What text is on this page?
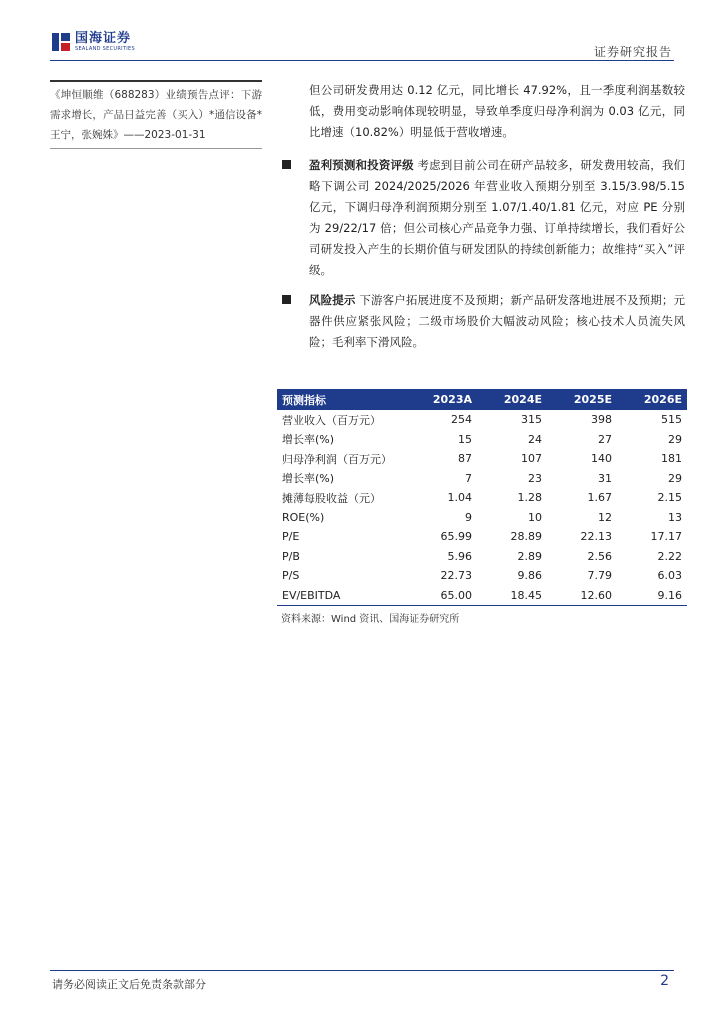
国海证券
SEALAND SECURITIES	证券研究报告
《坤恒顺维（688283）业绩预告点评：下游需求增长，产品日益完善（买入）*通信设备*王宁，张婉姝》——2023-01-31
但公司研发费用达 0.12 亿元，同比增长 47.92%，且一季度利润基数较低，费用变动影响体现较明显，导致单季度归母净利润为 0.03 亿元，同比增速（10.82%）明显低于营收增速。
盈利预测和投资评级 考虑到目前公司在研产品较多，研发费用较高，我们略下调公司 2024/2025/2026 年营业收入预期分别至 3.15/3.98/5.15 亿元，下调归母净利润预期分别至 1.07/1.40/1.81 亿元，对应 PE 分别为 29/22/17 倍；但公司核心产品竞争力强、订单持续增长，我们看好公司研发投入产生的长期价值与研发团队的持续创新能力；故维持“买入”评级。
风险提示 下游客户拓展进度不及预期；新产品研发落地进展不及预期；元器件供应紧张风险；二级市场股价大幅波动风险；核心技术人员流失风险；毛利率下滑风险。
预测指标	2023A	2024E	2025E	2026E
营业收入（百万元）	254	315	398	515
增长率(%)	15	24	27	29
归母净利润（百万元）	87	107	140	181
增长率(%)	7	23	31	29
摊薄每股收益（元）	1.04	1.28	1.67	2.15
ROE(%)	9	10	12	13
P/E	65.99	28.89	22.13	17.17
P/B	5.96	2.89	2.56	2.22
P/S	22.73	9.86	7.79	6.03
EV/EBITDA	65.00	18.45	12.60	9.16
资料来源：Wind 资讯、国海证券研究所
请务必阅读正文后免责条款部分	2
